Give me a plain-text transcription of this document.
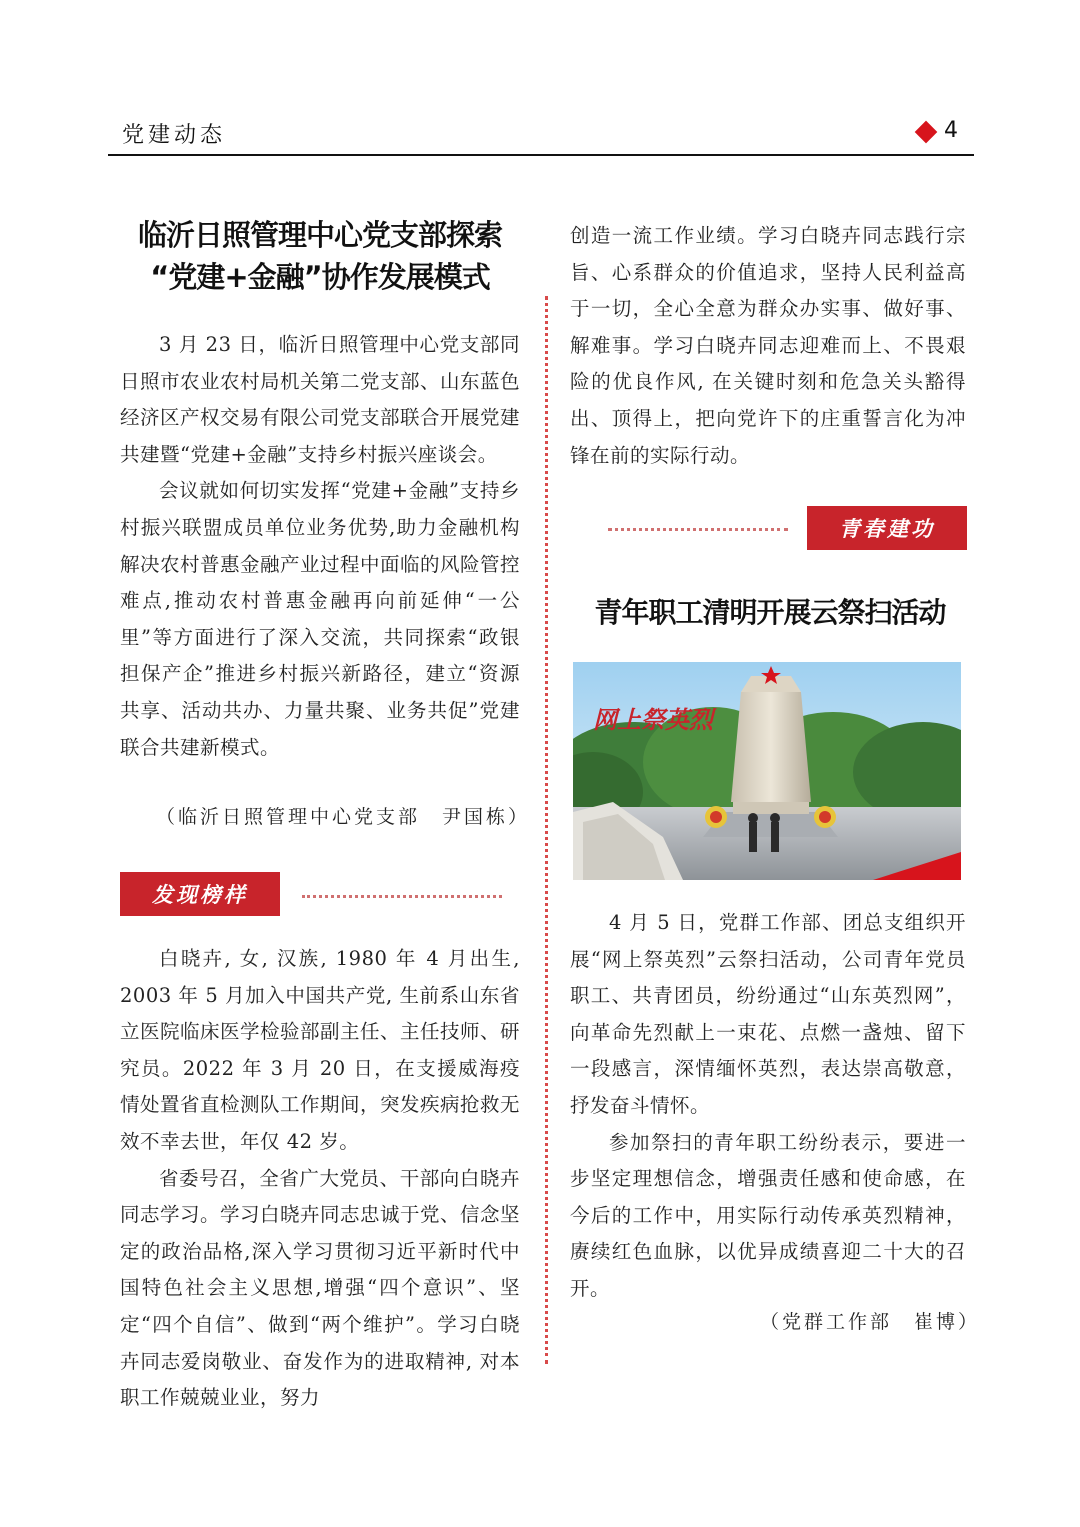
党建动态	4
临沂日照管理中心党支部探索
“党建+金融”协作发展模式

3 月 23 日，临沂日照管理中心党支部同日照市农业农村局机关第二党支部、山东蓝色经济区产权交易有限公司党支部联合开展党建共建暨“党建+金融”支持乡村振兴座谈会。

会议就如何切实发挥“党建+金融”支持乡村振兴联盟成员单位业务优势,助力金融机构解决农村普惠金融产业过程中面临的风险管控难点,推动农村普惠金融再向前延伸“一公里”等方面进行了深入交流，共同探索“政银担保产企”推进乡村振兴新路径，建立“资源共享、活动共办、力量共聚、业务共促”党建联合共建新模式。

（临沂日照管理中心党支部　尹国栋）
发现榜样

白晓卉, 女, 汉族, 1980 年 4 月出生, 2003 年 5 月加入中国共产党, 生前系山东省立医院临床医学检验部副主任、主任技师、研究员。2022 年 3 月 20 日，在支援威海疫情处置省直检测队工作期间，突发疾病抢救无效不幸去世，年仅 42 岁。

省委号召，全省广大党员、干部向白晓卉同志学习。学习白晓卉同志忠诚于党、信念坚定的政治品格,深入学习贯彻习近平新时代中国特色社会主义思想,增强“四个意识”、坚定“四个自信”、做到“两个维护”。学习白晓卉同志爱岗敬业、奋发作为的进取精神, 对本职工作兢兢业业，努力

创造一流工作业绩。学习白晓卉同志践行宗旨、心系群众的价值追求，坚持人民利益高于一切，全心全意为群众办实事、做好事、解难事。学习白晓卉同志迎难而上、不畏艰险的优良作风, 在关键时刻和危急关头豁得出、顶得上，把向党许下的庄重誓言化为冲锋在前的实际行动。

青春建功
青年职工清明开展云祭扫活动
网上祭英烈

4 月 5 日，党群工作部、团总支组织开展“网上祭英烈”云祭扫活动，公司青年党员职工、共青团员，纷纷通过“山东英烈网”，向革命先烈献上一束花、点燃一盏烛、留下一段感言，深情缅怀英烈，表达崇高敬意，抒发奋斗情怀。

参加祭扫的青年职工纷纷表示，要进一步坚定理想信念，增强责任感和使命感，在今后的工作中，用实际行动传承英烈精神，赓续红色血脉，以优异成绩喜迎二十大的召开。

（党群工作部　崔博）
